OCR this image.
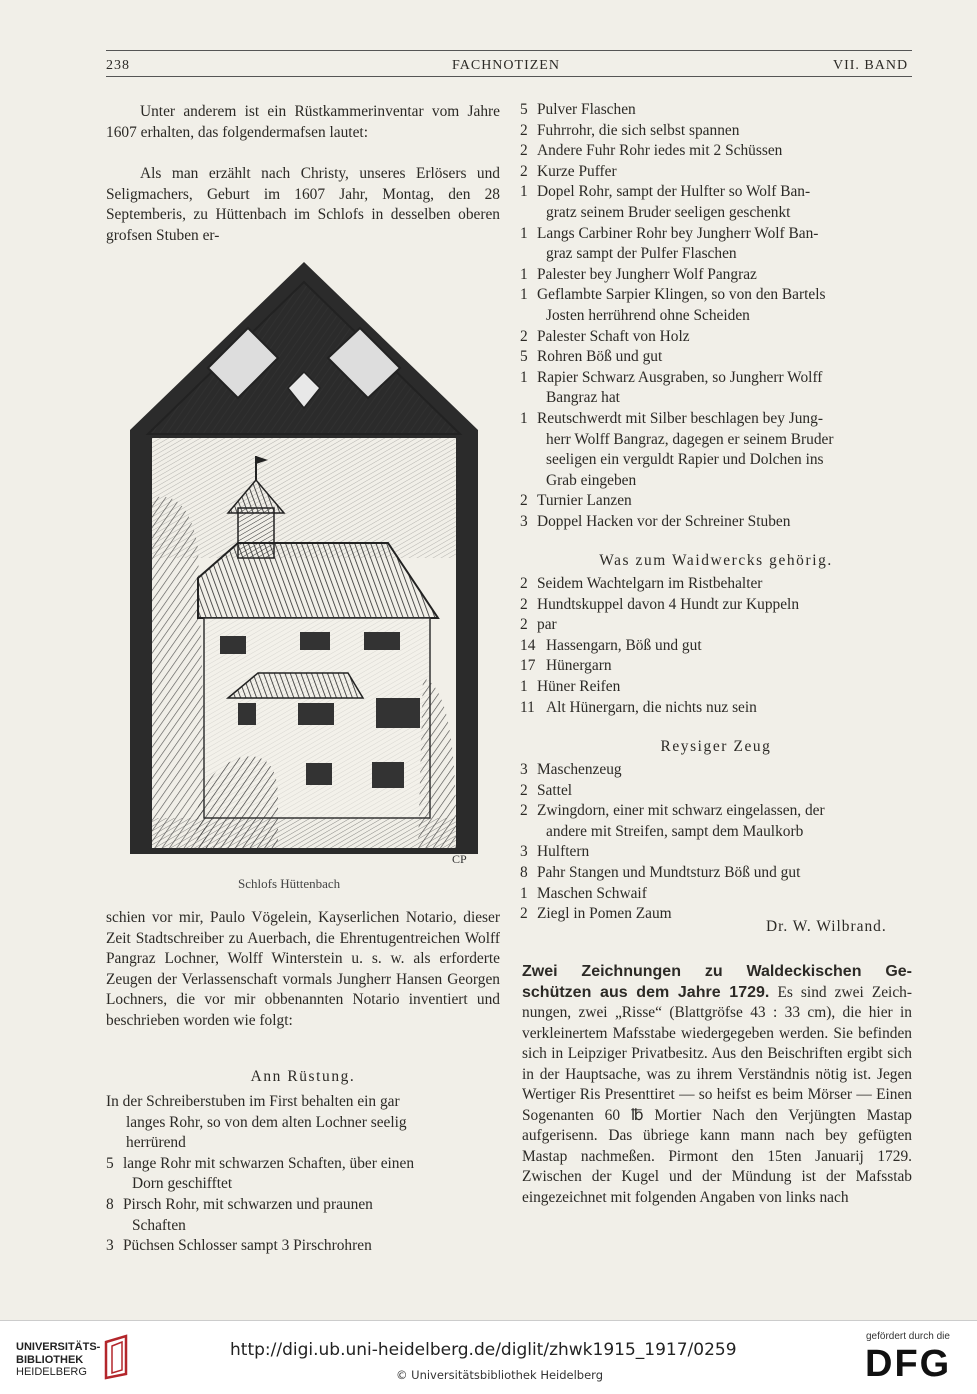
238	FACHNOTIZEN	VII. BAND
Unter anderem ist ein Rüstkammerinventar vom Jahre 1607 erhalten, das folgendermafsen lautet:
Als man erzählt nach Christy, unseres Erlösers und Seligmachers, Geburt im 1607 Jahr, Montag, den 28 Septemberis, zu Hüttenbach im Schlofs in desselben oberen grofsen Stuben er-
CP
Schlofs Hüttenbach
schien vor mir, Paulo Vögelein, Kayserlichen Notario, dieser Zeit Stadtschreiber zu Auerbach, die Ehrentugentreichen Wolff Pangraz Lochner, Wolff Winterstein u. s. w. als erforderte Zeugen der Verlassenschaft vormals Jungherr Hansen Georgen Lochners, die vor mir obbenannten Notario inventiert und beschrieben worden wie folgt:
Ann Rüstung.
In der Schreiberstuben im First behalten ein gar
langes Rohr, so von dem alten Lochner seelig
herrürend
5 lange Rohr mit schwarzen Schaften, über einen
Dorn geschifftet
8 Pirsch Rohr, mit schwarzen und praunen
Schaften
3 Püchsen Schlosser sampt 3 Pirschrohren
5 Pulver Flaschen
2 Fuhrrohr, die sich selbst spannen
2 Andere Fuhr Rohr iedes mit 2 Schüssen
2 Kurze Puffer
1 Dopel Rohr, sampt der Hulfter so Wolf Ban-
gratz seinem Bruder seeligen geschenkt
1 Langs Carbiner Rohr bey Jungherr Wolf Ban-
graz sampt der Pulfer Flaschen
1 Palester bey Jungherr Wolf Pangraz
1 Geflambte Sarpier Klingen, so von den Bartels
Josten herrührend ohne Scheiden
2 Palester Schaft von Holz
5 Rohren Böß und gut
1 Rapier Schwarz Ausgraben, so Jungherr Wolff
Bangraz hat
1 Reutschwerdt mit Silber beschlagen bey Jung-
herr Wolff Bangraz, dagegen er seinem Bruder
seeligen ein verguldt Rapier und Dolchen ins
Grab eingeben
2 Turnier Lanzen
3 Doppel Hacken vor der Schreiner Stuben
Was zum Waidwercks gehörig.
2 Seidem Wachtelgarn im Ristbehalter
2 Hundtskuppel davon 4 Hundt zur Kuppeln
2 par
14 Hassengarn, Böß und gut
17 Hünergarn
1 Hüner Reifen
11 Alt Hünergarn, die nichts nuz sein
Reysiger Zeug
3 Maschenzeug
2 Sattel
2 Zwingdorn, einer mit schwarz eingelassen, der
andere mit Streifen, sampt dem Maulkorb
3 Hulftern
8 Pahr Stangen und Mundtsturz Böß und gut
1 Maschen Schwaif
2 Ziegl in Pomen Zaum
Dr. W. Wilbrand.
Zwei Zeichnungen zu Waldeckischen Ge-
schützen aus dem Jahre 1729. Es sind zwei Zeich- nungen, zwei „Risse“ (Blattgröfse 43 : 33 cm), die hier in verkleinertem Mafsstabe wiedergegeben werden. Sie befinden sich in Leipziger Privatbesitz. Aus den Beischriften ergibt sich in der Hauptsache, was zu ihrem Verständnis nötig ist. Jegen Wertiger Ris Presenttiret — so heifst es beim Mörser — Einen Sogenanten 60 ℔ Mortier Nach den Verjüngten Mastap aufgerisenn. Das übriege kann mann nach bey gefügten Mastap nachmeßen. Pirmont den 15ten Januarij 1729. Zwischen der Kugel und der Mündung ist der Mafsstab eingezeichnet mit folgenden Angaben von links nach
UNIVERSITÄTS-
BIBLIOTHEK
HEIDELBERG
http://digi.ub.uni-heidelberg.de/diglit/zhwk1915_1917/0259
© Universitätsbibliothek Heidelberg
gefördert durch die
DFG
